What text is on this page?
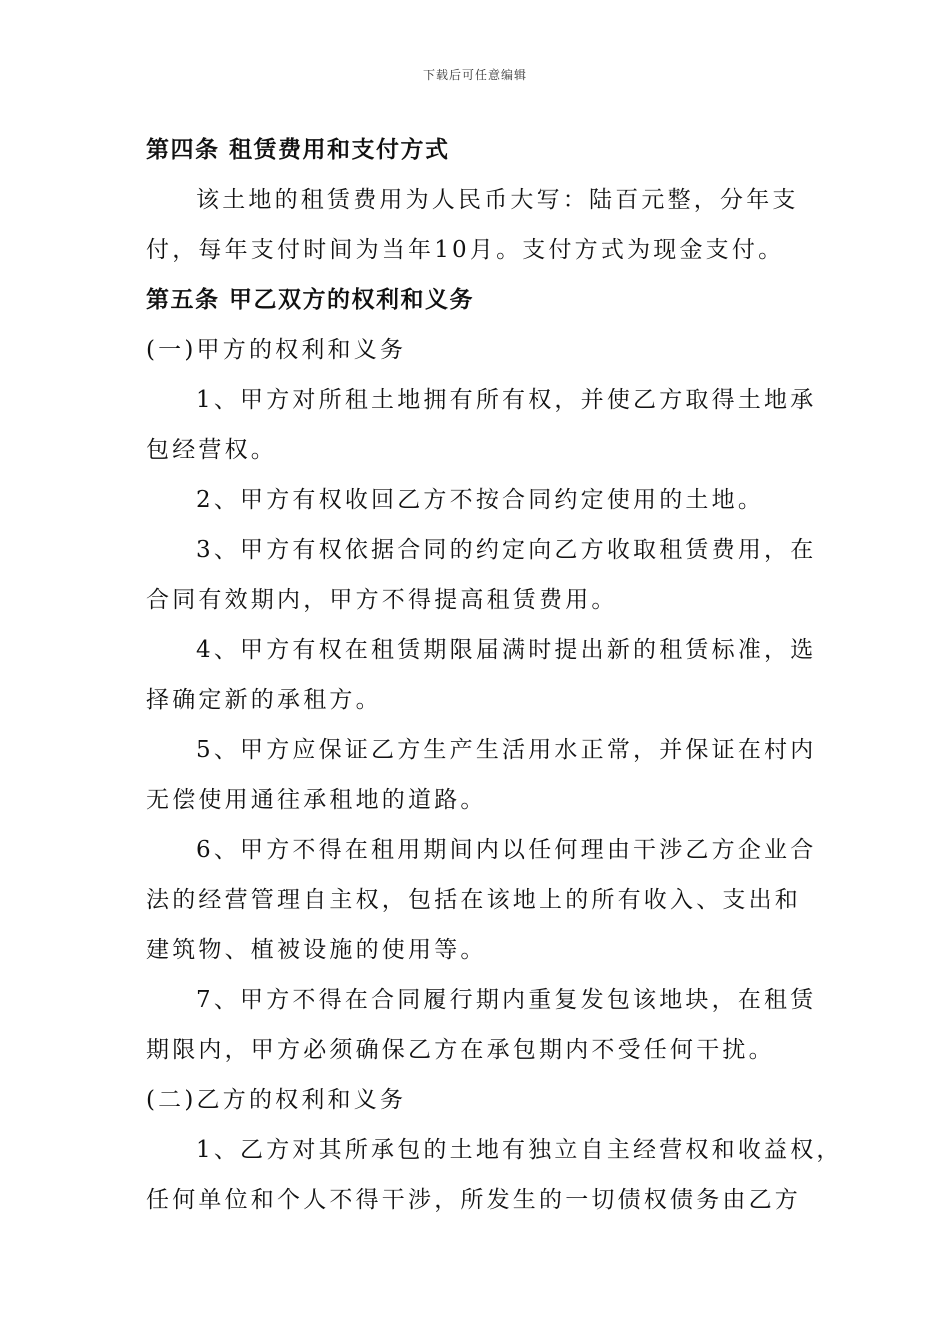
下载后可任意编辑
第四条 租赁费用和支付方式
该土地的租赁费用为人民币大写：陆百元整，分年支
付，每年支付时间为当年10月。支付方式为现金支付。
第五条 甲乙双方的权利和义务
(一)甲方的权利和义务
1、甲方对所租土地拥有所有权，并使乙方取得土地承
包经营权。
2、甲方有权收回乙方不按合同约定使用的土地。
3、甲方有权依据合同的约定向乙方收取租赁费用，在
合同有效期内，甲方不得提高租赁费用。
4、甲方有权在租赁期限届满时提出新的租赁标准，选
择确定新的承租方。
5、甲方应保证乙方生产生活用水正常，并保证在村内
无偿使用通往承租地的道路。
6、甲方不得在租用期间内以任何理由干涉乙方企业合
法的经营管理自主权，包括在该地上的所有收入、支出和
建筑物、植被设施的使用等。
7、甲方不得在合同履行期内重复发包该地块，在租赁
期限内，甲方必须确保乙方在承包期内不受任何干扰。
(二)乙方的权利和义务
1、乙方对其所承包的土地有独立自主经营权和收益权，
任何单位和个人不得干涉，所发生的一切债权债务由乙方
